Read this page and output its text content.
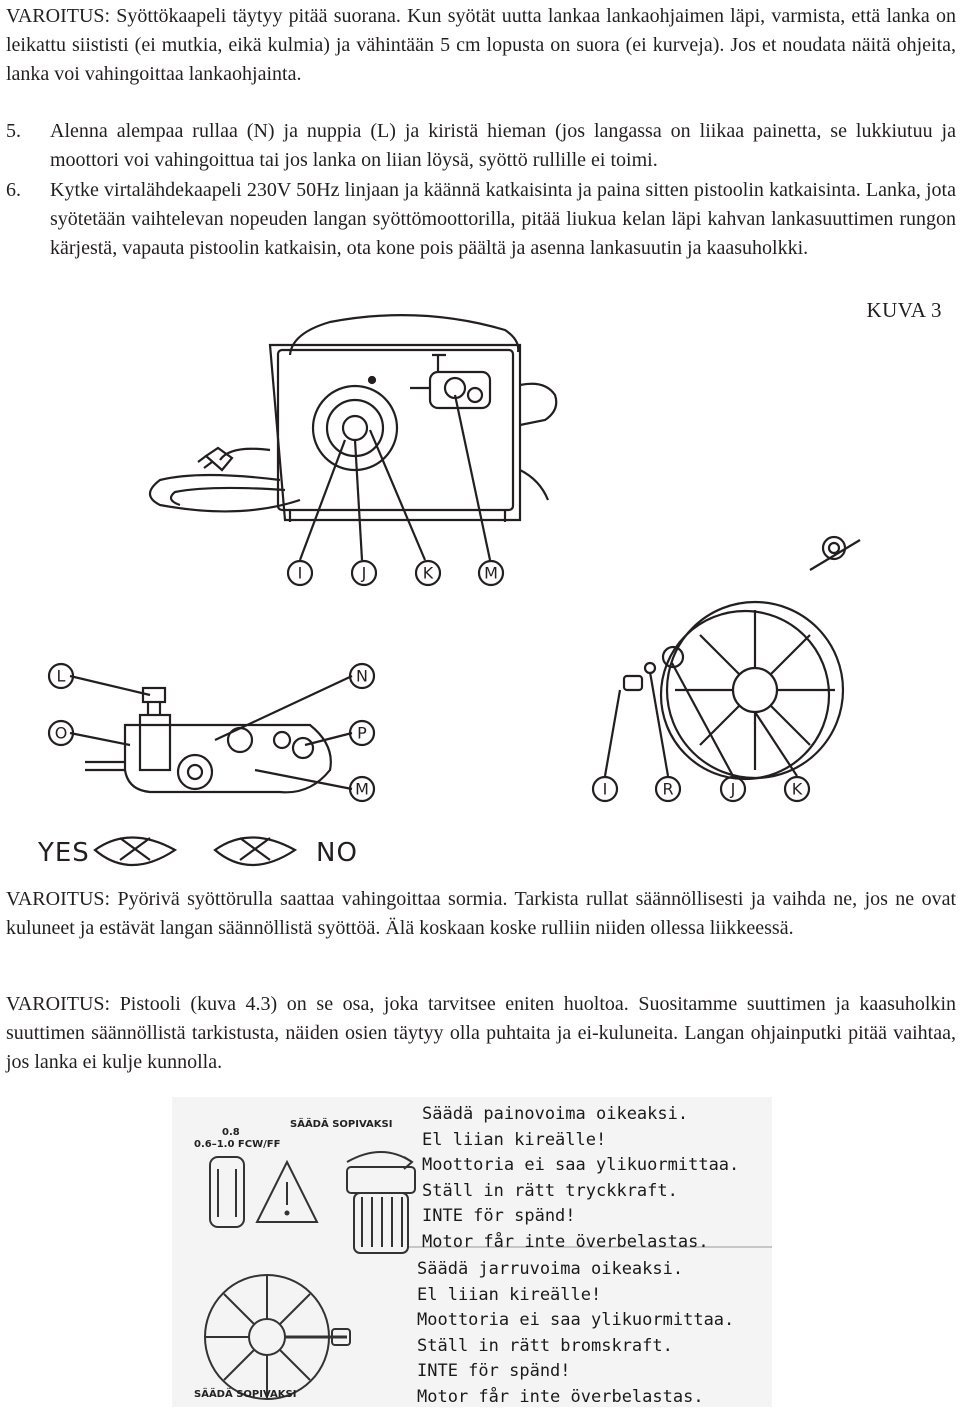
VAROITUS: Syöttökaapeli täytyy pitää suorana. Kun syötät uutta lankaa lankaohjaimen läpi, varmista, että lanka on leikattu siististi (ei mutkia, eikä kulmia) ja vähintään 5 cm lopusta on suora (ei kurveja). Jos et noudata näitä ohjeita, lanka voi vahingoittaa lankaohjainta.

5. Alenna alempaa rullaa (N) ja nuppia (L) ja kiristä hieman (jos langassa on liikaa painetta, se lukkiutuu ja moottori voi vahingoittua tai jos lanka on liian löysä, syöttö rullille ei toimi.
6. Kytke virtalähdekaapeli 230V 50Hz linjaan ja käännä katkaisinta ja paina sitten pistoolin katkaisinta. Lanka, jota syötetään vaihtelevan nopeuden langan syöttömoottorilla, pitää liukua kelan läpi kahvan lankasuuttimen rungon kärjestä, vapauta pistoolin katkaisin, ota kone pois päältä ja asenna lankasuutin ja kaasuholkki.
KUVA 3
I	J	K	M
L
O
N
P
M	I	R	J	K
YES	NO

VAROITUS: Pyörivä syöttörulla saattaa vahingoittaa sormia. Tarkista rullat säännöllisesti ja vaihda ne, jos ne ovat kuluneet ja estävät langan säännöllistä syöttöä. Älä koskaan koske rulliin niiden ollessa liikkeessä.

VAROITUS: Pistooli (kuva 4.3) on se osa, joka tarvitsee eniten huoltoa. Suositamme suuttimen ja kaasuholkin suuttimen säännöllistä tarkistusta, näiden osien täytyy olla puhtaita ja ei-kuluneita. Langan ohjainputki pitää vaihtaa, jos lanka ei kulje kunnolla.

0.8
0.6–1.0 FCW/FF
SÄÄDÄ SOPIVAKSI
SÄÄDÄ SOPIVAKSI
Säädä painovoima oikeaksi.
El liian kireälle!
Moottoria ei saa ylikuormittaa.
Ställ in rätt tryckkraft.
INTE för spänd!
Motor får inte överbelastas.
Säädä jarruvoima oikeaksi.
El liian kireälle!
Moottoria ei saa ylikuormittaa.
Ställ in rätt bromskraft.
INTE för spänd!
Motor får inte överbelastas.
